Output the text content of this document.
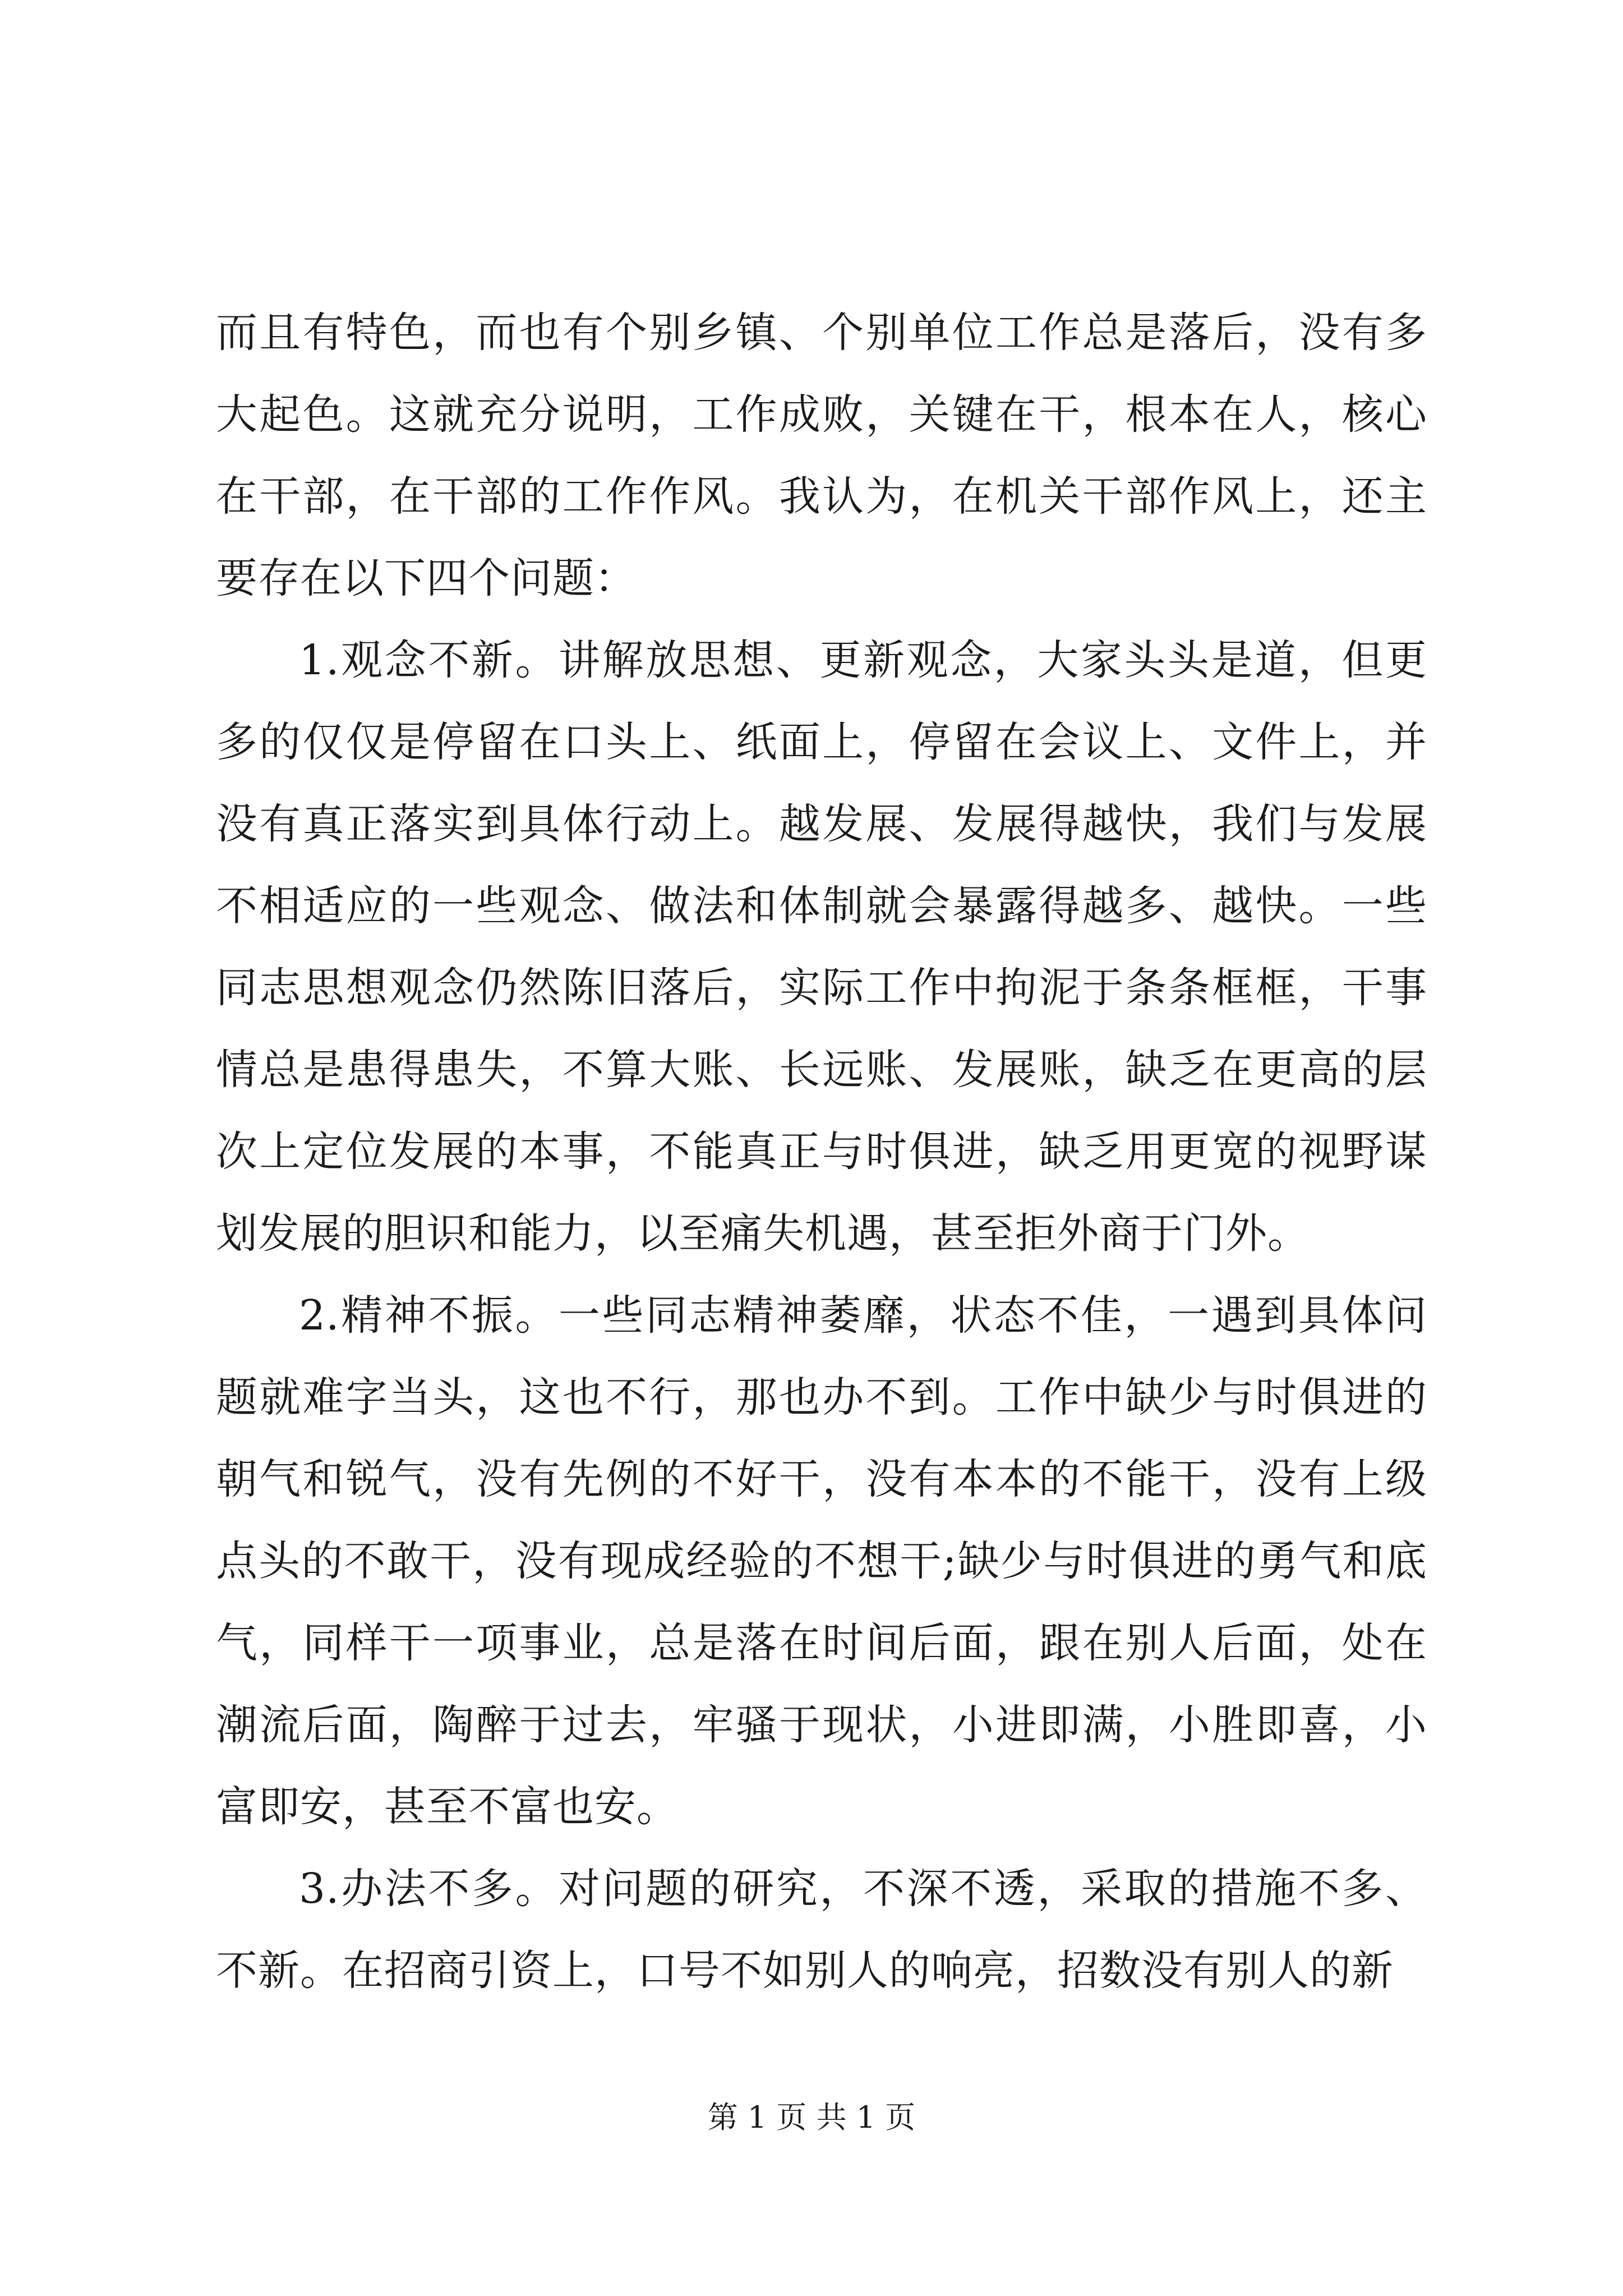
而且有特色，而也有个别乡镇、个别单位工作总是落后，没有多大起色。这就充分说明，工作成败，关键在干，根本在人，核心在干部，在干部的工作作风。我认为，在机关干部作风上，还主要存在以下四个问题：

1.观念不新。讲解放思想、更新观念，大家头头是道，但更多的仅仅是停留在口头上、纸面上，停留在会议上、文件上，并没有真正落实到具体行动上。越发展、发展得越快，我们与发展不相适应的一些观念、做法和体制就会暴露得越多、越快。一些同志思想观念仍然陈旧落后，实际工作中拘泥于条条框框，干事情总是患得患失，不算大账、长远账、发展账，缺乏在更高的层次上定位发展的本事，不能真正与时俱进，缺乏用更宽的视野谋划发展的胆识和能力，以至痛失机遇，甚至拒外商于门外。

2.精神不振。一些同志精神萎靡，状态不佳，一遇到具体问题就难字当头，这也不行，那也办不到。工作中缺少与时俱进的朝气和锐气，没有先例的不好干，没有本本的不能干，没有上级点头的不敢干，没有现成经验的不想干;缺少与时俱进的勇气和底气，同样干一项事业，总是落在时间后面，跟在别人后面，处在潮流后面，陶醉于过去，牢骚于现状，小进即满，小胜即喜，小富即安，甚至不富也安。

3.办法不多。对问题的研究，不深不透，采取的措施不多、不新。在招商引资上，口号不如别人的响亮，招数没有别人的新

第 1 页 共 1 页
